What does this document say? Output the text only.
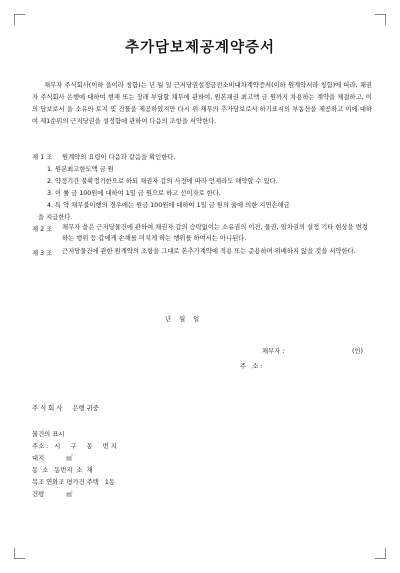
추가담보제공계약증서
채무자 주식회사(이하 을이라 칭함)는 년 월 일 근저당권설정금전소비대차계약증서(이하 원계약서라 칭함)에 따라, 채권자 주식회사 은행에 대하여 현재 또는 장래 부담할 채무에 관하여, 원본채권 최고액 금 원까지 차용하는 계약을 체결하고, 이의 담보로서 을 소유의 토지 및 건물을 제공하였지만 다시 위 채무의 추가담보로서 하기표시의 부동산을 제공하고 이에 대하여 제1순위의 근저당권을 설정함에 관하여 다음의 조항을 서약한다.
제 1 조 원계약의 요령이 다음과 같음을 확인한다.
1. 원본최고한도액 금 원
2. 약정기간 불확정기한으로 하되 채권자 갑의 사정에 따라 언제라도 해약할 수 있다.
3. 이 률 금 100원에 대하여 1일 금 원으로 하고 선이자로 한다.
4. 특 약 채무불이행의 경우에는 원금 100원에 대하여 1일 금 원의 율에 의한 지연손해금
을 지급한다.
제 2 조 채무자 을은 근저당물건에 관하여 채권자 갑의 승락없이는 소유권의 이전, 물권, 임차권의 설정 기타 현상을 변경하는 행위 등 갑에게 손해를 미치게 하는 행위를 하여서는 아니된다.
제 3 조 근저당물건에 관한 원계약의 조항을 그대로 본추가계약에 적용 또는 준용하며 위배하지 않을 것을 서약한다.
년    월    일
채무자 :	(인)
주   소 :
주 식 회 사     은행 귀중
물건의 표시
주소 :   시     구     동     번 지
대지           ㎡
동  소   동번지  소  재
목조 연와조 평가건 주택   1동
건평           ㎡
